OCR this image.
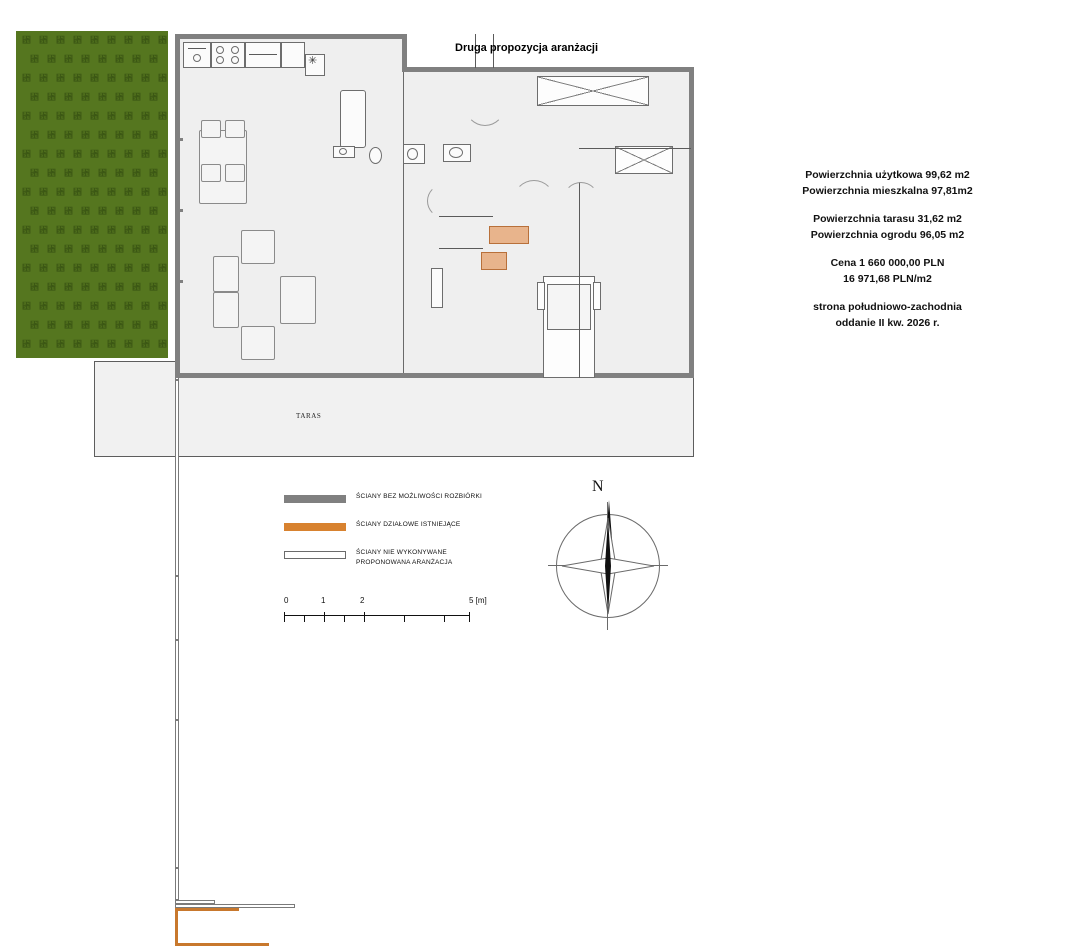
␵ ␵ ␵ ␵ ␵ ␵ ␵ ␵ ␵
␵ ␵ ␵ ␵ ␵ ␵ ␵ ␵
␵ ␵ ␵ ␵ ␵ ␵ ␵ ␵ ␵
␵ ␵ ␵ ␵ ␵ ␵ ␵ ␵
␵ ␵ ␵ ␵ ␵ ␵ ␵ ␵ ␵
␵ ␵ ␵ ␵ ␵ ␵ ␵ ␵
␵ ␵ ␵ ␵ ␵ ␵ ␵ ␵ ␵
␵ ␵ ␵ ␵ ␵ ␵ ␵ ␵
␵ ␵ ␵ ␵ ␵ ␵ ␵ ␵ ␵
␵ ␵ ␵ ␵ ␵ ␵ ␵ ␵
␵ ␵ ␵ ␵ ␵ ␵ ␵ ␵ ␵
␵ ␵ ␵ ␵ ␵ ␵ ␵ ␵
␵ ␵ ␵ ␵ ␵ ␵ ␵ ␵ ␵
␵ ␵ ␵ ␵ ␵ ␵ ␵ ␵
␵ ␵ ␵ ␵ ␵ ␵ ␵ ␵ ␵
␵ ␵ ␵ ␵ ␵ ␵ ␵ ␵
␵ ␵ ␵ ␵ ␵ ␵ ␵ ␵ ␵
TARAS
✳
Druga propozycja aranżacji
Powierzchnia użytkowa 99,62 m2
Powierzchnia mieszkalna 97,81m2
Powierzchnia tarasu 31,62 m2
Powierzchnia ogrodu 96,05 m2
Cena 1 660 000,00 PLN
16 971,68 PLN/m2
strona południowo-zachodnia
oddanie II kw. 2026 r.
ŚCIANY BEZ MOŻLIWOŚCI ROZBIÓRKI
ŚCIANY DZIAŁOWE ISTNIEJĄCE
ŚCIANY NIE WYKONYWANE
PROPONOWANA ARANŻACJA
0	1	2	5 [m]
N
